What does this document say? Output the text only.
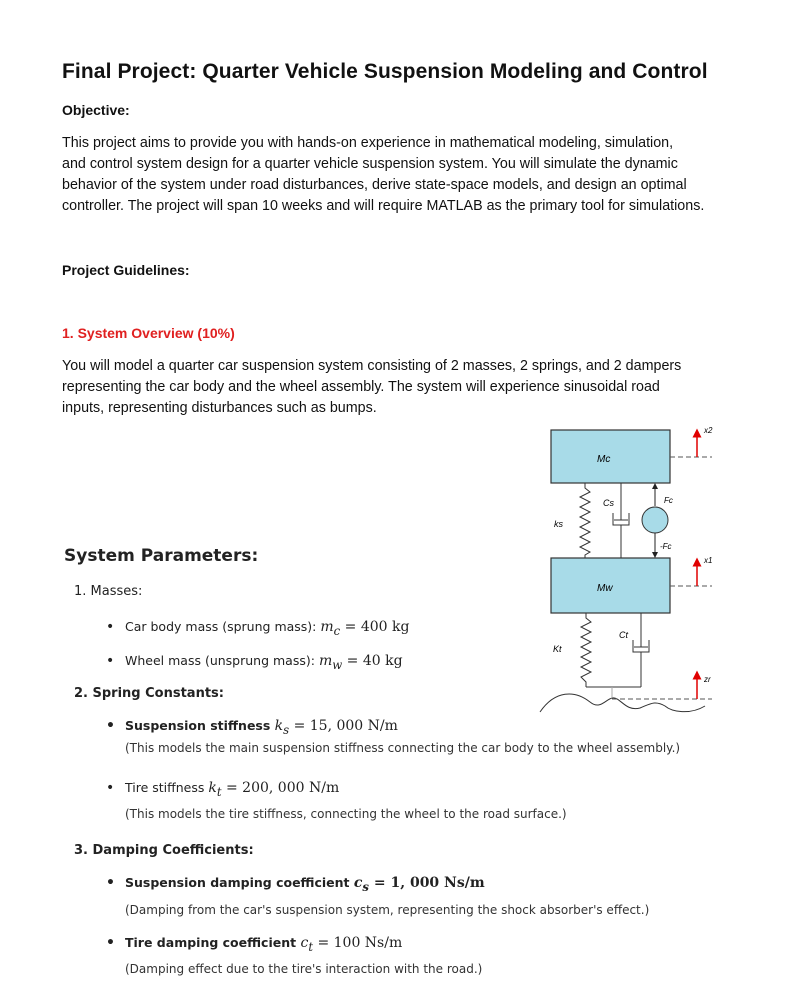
Final Project: Quarter Vehicle Suspension Modeling and Control
Objective:
This project aims to provide you with hands-on experience in mathematical modeling, simulation,
and control system design for a quarter vehicle suspension system. You will simulate the dynamic
behavior of the system under road disturbances, derive state-space models, and design an optimal
controller. The project will span 10 weeks and will require MATLAB as the primary tool for simulations.
Project Guidelines:
1. System Overview (10%)
You will model a quarter car suspension system consisting of 2 masses, 2 springs, and 2 dampers
representing the car body and the wheel assembly. The system will experience sinusoidal road
inputs, representing disturbances such as bumps.
Mc
Mw
ks
Cs	Fc
-Fc
Kt
Ct
x2
x1
zr
System Parameters:
1. Masses:
• Car body mass (sprung mass): $m_c = 400$ kg
• Wheel mass (unsprung mass): $m_w = 40$ kg
2. Spring Constants:
• Suspension stiffness $k_s = 15$, 000 N/m
(This models the main suspension stiffness connecting the car body to the wheel assembly.)
• Tire stiffness $k_t = 200$, 000 N/m
(This models the tire stiffness, connecting the wheel to the road surface.)
3. Damping Coefficients:
• Suspension damping coefficient $c_s = 1$, 000 Ns/m
(Damping from the car's suspension system, representing the shock absorber's effect.)
• Tire damping coefficient $c_t = 100$ Ns/m
(Damping effect due to the tire's interaction with the road.)
